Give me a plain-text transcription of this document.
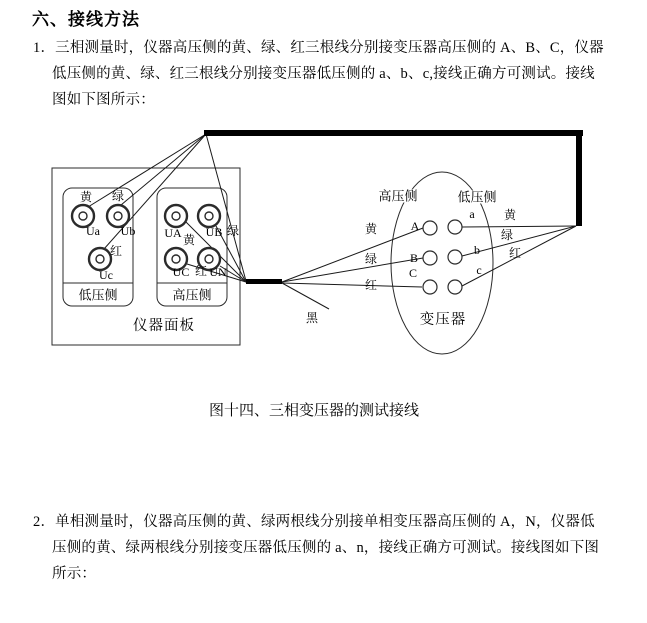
六、接线方法
1．三相测量时，仪器高压侧的黄、绿、红三根线分别接变压器高压侧的 A、B、C，仪器
低压侧的黄、绿、红三根线分别接变压器低压侧的 a、b、c,接线正确方可测试。接线
图如下图所示：
图十四、三相变压器的测试接线
2．单相测量时，仪器高压侧的黄、绿两根线分别接单相变压器高压侧的 A，N，仪器低
压侧的黄、绿两根线分别接变压器低压侧的 a、n，接线正确方可测试。接线图如下图
所示：
黄 绿
Ua Ub
红
Uc
低压侧
UA 黄
UB 绿
UC 红 UN
高压侧
仪器面板	黑
高压侧	低压侧
黄
绿
红
A
B
C
a
b
c
黄
绿
红
变压器
